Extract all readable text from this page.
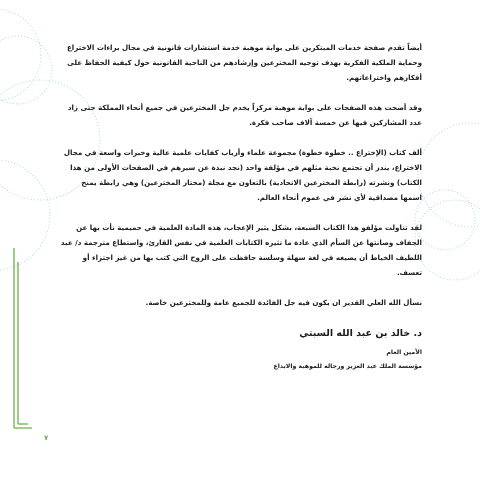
أيضاً تقدم صفحة خدمات المبتكرين على بوابة موهبة خدمة استشارات قانونية في مجال براءات الاختراع وحماية الملكية الفكرية بهدف توجيه المخترعين وإرشادهم من الناحية القانونية حول كيفية الحفاظ على أفكارهم واختراعاتهم.

وقد أضحت هذه الصفحات على بوابة موهبة مركزاً يخدم جل المخترعين في جميع أنحاء المملكة حتى زاد عدد المشاركين فيها عن خمسة آلاف صاحب فكرة.

ألف كتاب (الإختراع .. خطوة خطوة) مجموعة علماء وأرباب كفايات علمية عالية وخبرات واسعة في مجال الاختراع، يندر أن تجتمع نخبة مثلهم في مؤلفة واحد (نجد نبذة عن سيرهم في الصفحات الأولى من هذا الكتاب) ونشرته (رابطة المخترعين الاتحادية) بالتعاون مع مجلة (مختار المخترعين) وهي رابطة يمنح اسمها مصداقية لأي نشر في عموم أنحاء العالم.

لقد تناولت مؤلفو هذا الكتاب السبعة، بشكل يثير الإعجاب، هذه المادة العلمية في حميمية نأت بها عن الجفاف وصانتها عن السأم الذي عادة ما تثيره الكتابات العلمية في نفس القارئ، واستطاع مترجمة د/ عبد اللطيف الخياط أن يصيغه في لغة سهلة وسلسة حافظت على الروح التي كتب بها من غير اجتزاء أو تعسف.

نسأل الله العلي القدير ان يكون فيه جل الفائدة للجميع عامة وللمخترعين خاصة.

د. خالد بن عبد الله السبتي
الأمين العام
مؤسسة الملك عبد العزيز ورجاله للموهبة والابداع
٧
